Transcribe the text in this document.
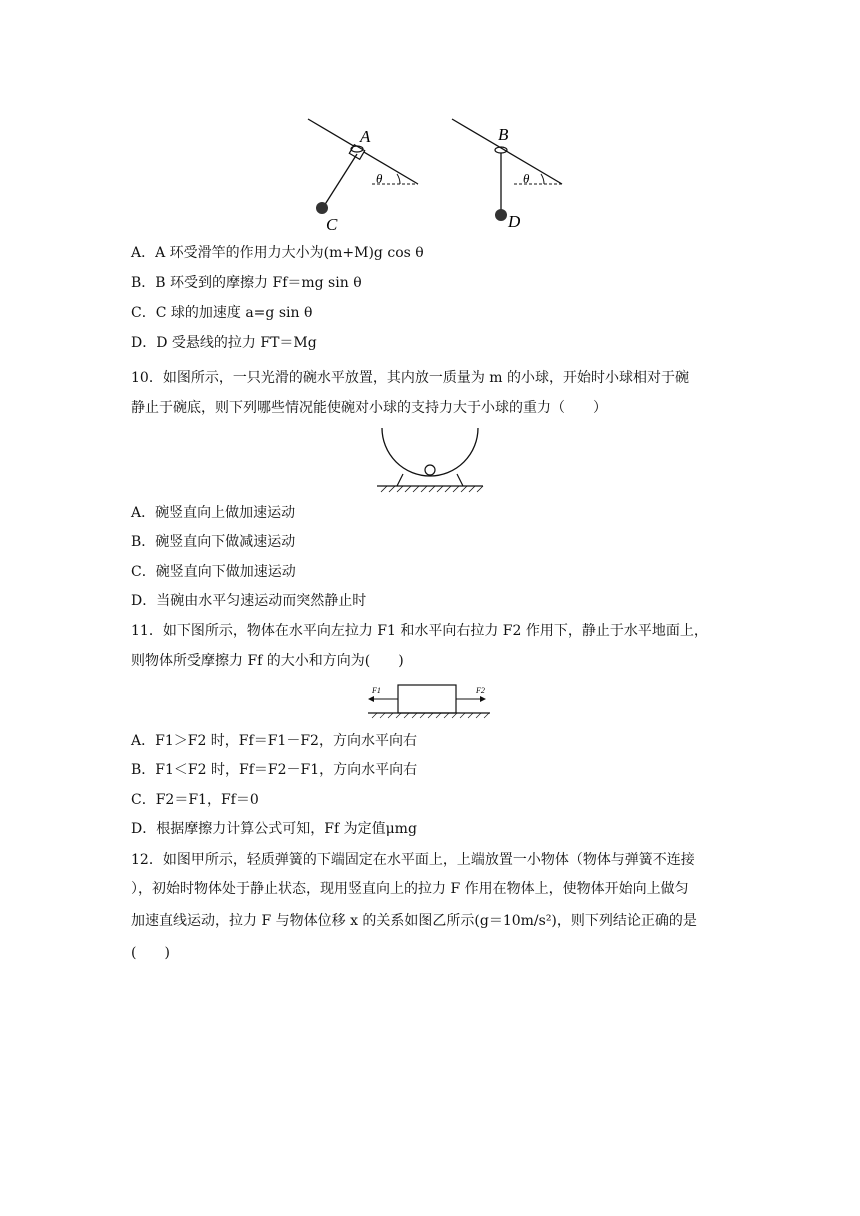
A
θ
C
B
θ
D
A．A 环受滑竿的作用力大小为(m+M)g cos θ
B．B 环受到的摩擦力 Ff＝mg sin θ
C．C 球的加速度 a=g sin θ
D．D 受悬线的拉力 FT＝Mg
10．如图所示，一只光滑的碗水平放置，其内放一质量为 m 的小球，开始时小球相对于碗
静止于碗底，则下列哪些情况能使碗对小球的支持力大于小球的重力（　　）
A．碗竖直向上做加速运动
B．碗竖直向下做减速运动
C．碗竖直向下做加速运动
D．当碗由水平匀速运动而突然静止时
11．如下图所示，物体在水平向左拉力 F1 和水平向右拉力 F2 作用下，静止于水平地面上，
则物体所受摩擦力 Ff 的大小和方向为(　　)
F1	F2
A．F1＞F2 时，Ff＝F1－F2，方向水平向右
B．F1＜F2 时，Ff＝F2－F1，方向水平向右
C．F2＝F1，Ff＝0
D．根据摩擦力计算公式可知，Ff 为定值μmg
12．如图甲所示，轻质弹簧的下端固定在水平面上，上端放置一小物体（物体与弹簧不连接
），初始时物体处于静止状态，现用竖直向上的拉力 F 作用在物体上，使物体开始向上做匀
加速直线运动，拉力 F 与物体位移 x 的关系如图乙所示(g＝10m/s²)，则下列结论正确的是
(　　)
